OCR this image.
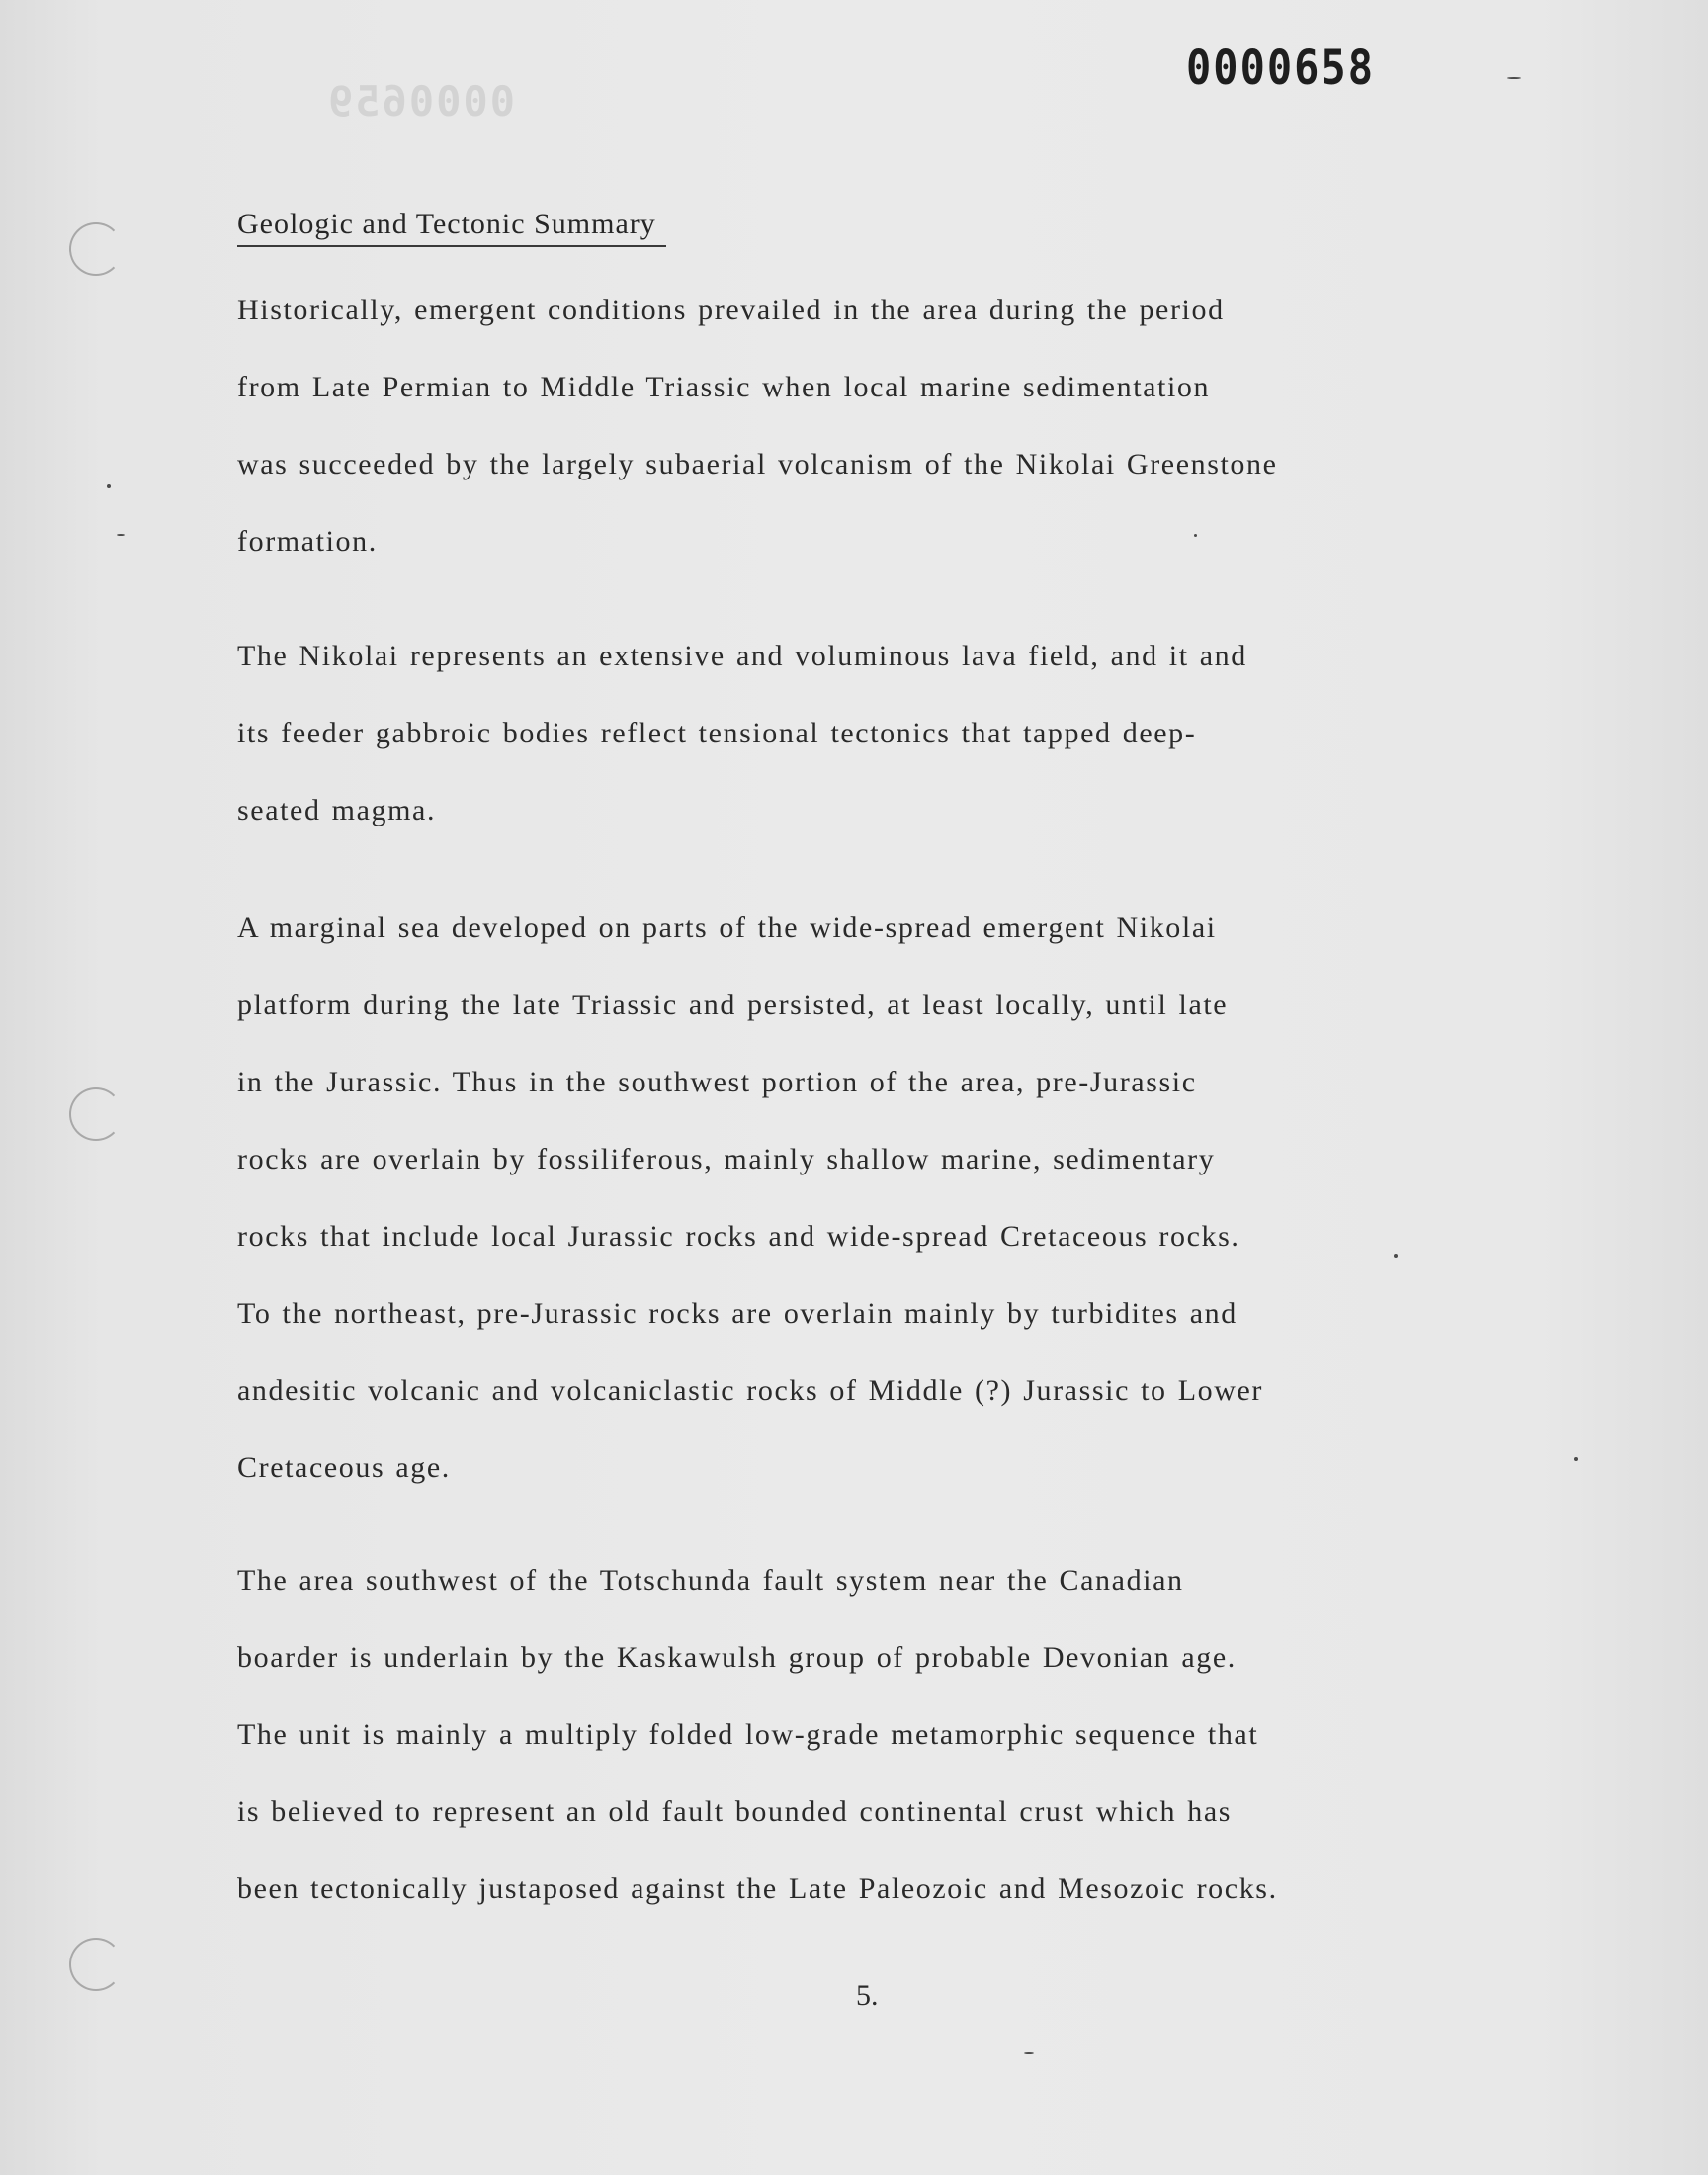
0000659
0000658
Geologic and Tectonic Summary

Historically, emergent conditions prevailed in the area during the period
from Late Permian to Middle Triassic when local marine sedimentation
was succeeded by the largely subaerial volcanism of the Nikolai Greenstone
formation.

The Nikolai represents an extensive and voluminous lava field, and it and
its feeder gabbroic bodies reflect tensional tectonics that tapped deep-
seated magma.

A marginal sea developed on parts of the wide-spread emergent Nikolai
platform during the late Triassic and persisted, at least locally, until late
in the Jurassic. Thus in the southwest portion of the area, pre-Jurassic
rocks are overlain by fossiliferous, mainly shallow marine, sedimentary
rocks that include local Jurassic rocks and wide-spread Cretaceous rocks.
To the northeast, pre-Jurassic rocks are overlain mainly by turbidites and
andesitic volcanic and volcaniclastic rocks of Middle (?) Jurassic to Lower
Cretaceous age.

The area southwest of the Totschunda fault system near the Canadian
boarder is underlain by the Kaskawulsh group of probable Devonian age.
The unit is mainly a multiply folded low-grade metamorphic sequence that
is believed to represent an old fault bounded continental crust which has
been tectonically justaposed against the Late Paleozoic and Mesozoic rocks.

5.
